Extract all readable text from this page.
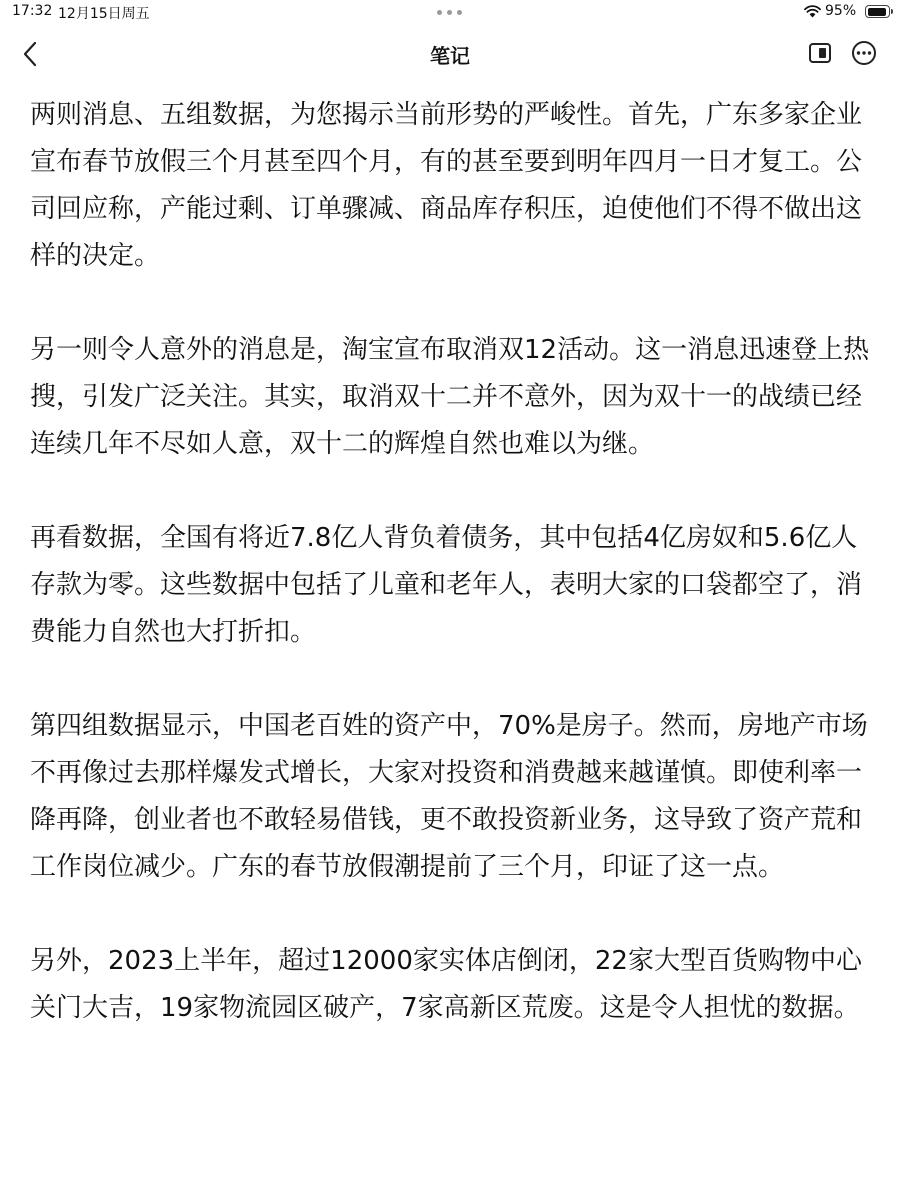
17:32 12月15日周五	95%
笔记

两则消息、五组数据，为您揭示当前形势的严峻性。首先，广东多家企业宣布春节放假三个月甚至四个月，有的甚至要到明年四月一日才复工。公司回应称，产能过剩、订单骤减、商品库存积压，迫使他们不得不做出这样的决定。

另一则令人意外的消息是，淘宝宣布取消双12活动。这一消息迅速登上热搜，引发广泛关注。其实，取消双十二并不意外，因为双十一的战绩已经连续几年不尽如人意，双十二的辉煌自然也难以为继。

再看数据，全国有将近7.8亿人背负着债务，其中包括4亿房奴和5.6亿人存款为零。这些数据中包括了儿童和老年人，表明大家的口袋都空了，消费能力自然也大打折扣。

第四组数据显示，中国老百姓的资产中，70%是房子。然而，房地产市场不再像过去那样爆发式增长，大家对投资和消费越来越谨慎。即使利率一降再降，创业者也不敢轻易借钱，更不敢投资新业务，这导致了资产荒和工作岗位减少。广东的春节放假潮提前了三个月，印证了这一点。

另外，2023上半年，超过12000家实体店倒闭，22家大型百货购物中心关门大吉，19家物流园区破产，7家高新区荒废。这是令人担忧的数据。
